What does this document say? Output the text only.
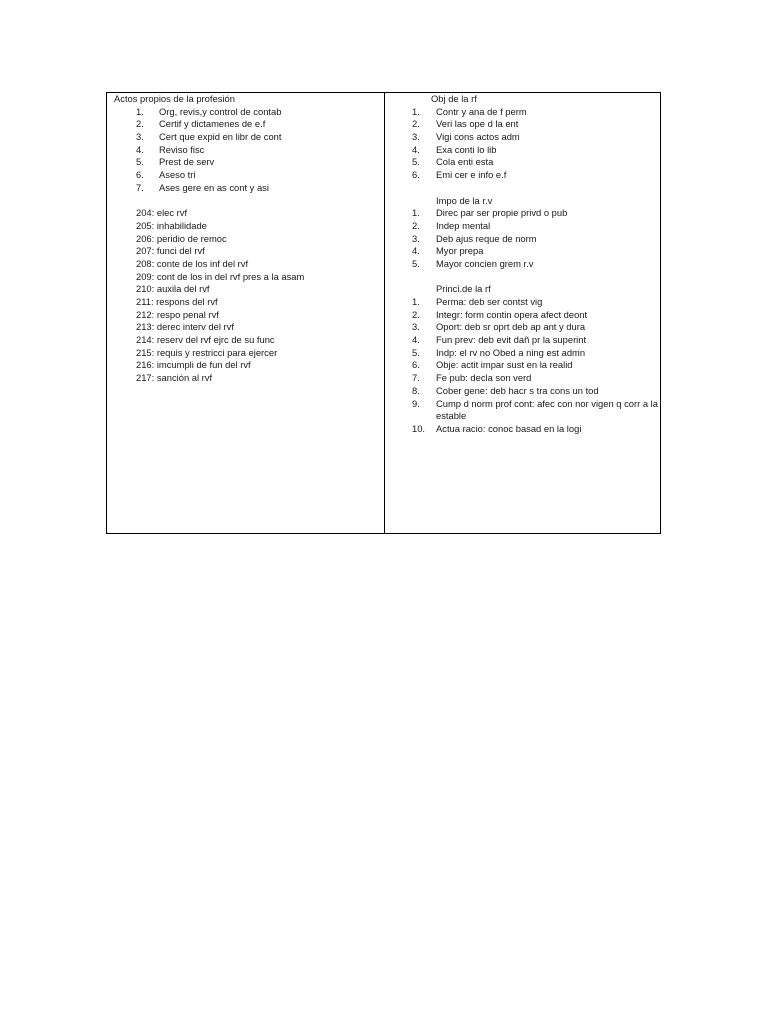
Actos propios de la profesión
1. Org, revis,y control de contab
2. Certif y dictamenes de e.f
3. Cert que expid en libr de cont
4. Reviso fisc
5. Prest de serv
6. Aseso tri
7. Ases gere en as cont y asi
204: elec rvf
205: inhabilidade
206: peridio de remoc
207: funci del rvf
208: conte de los inf del rvf
209: cont de los in del rvf pres a la asam
210: auxila del rvf
211: respons del rvf
212: respo penal rvf
213: derec interv del rvf
214: reserv del rvf ejrc de su func
215: requis y restricci para ejercer
216: imcumpli de fun del rvf
217: sanción al rvf
Obj de la rf
1. Contr y ana de f perm
2. Veri las ope d la ent
3. Vigi cons actos adm
4. Exa conti lo lib
5. Cola enti esta
6. Emi cer e info e.f
Impo de la r.v
1. Direc par ser propie privd o pub
2. Indep mental
3. Deb ajus reque de norm
4. Myor prepa
5. Mayor concien grem r.v
Princi.de la rf
1. Perma: deb ser contst vig
2. Integr: form contin opera afect deont
3. Oport: deb sr oprt deb ap ant y dura
4. Fun prev: deb evit dañ pr la superint
5. Indp: el rv no Obed a ning est admn
6. Obje: actit impar sust en la realid
7. Fe pub: decla son verd
8. Cober gene: deb hacr s tra cons un tod
9. Cump d norm prof cont: afec con nor vigen q corr a la estable
10. Actua racio: conoc basad en la logi
